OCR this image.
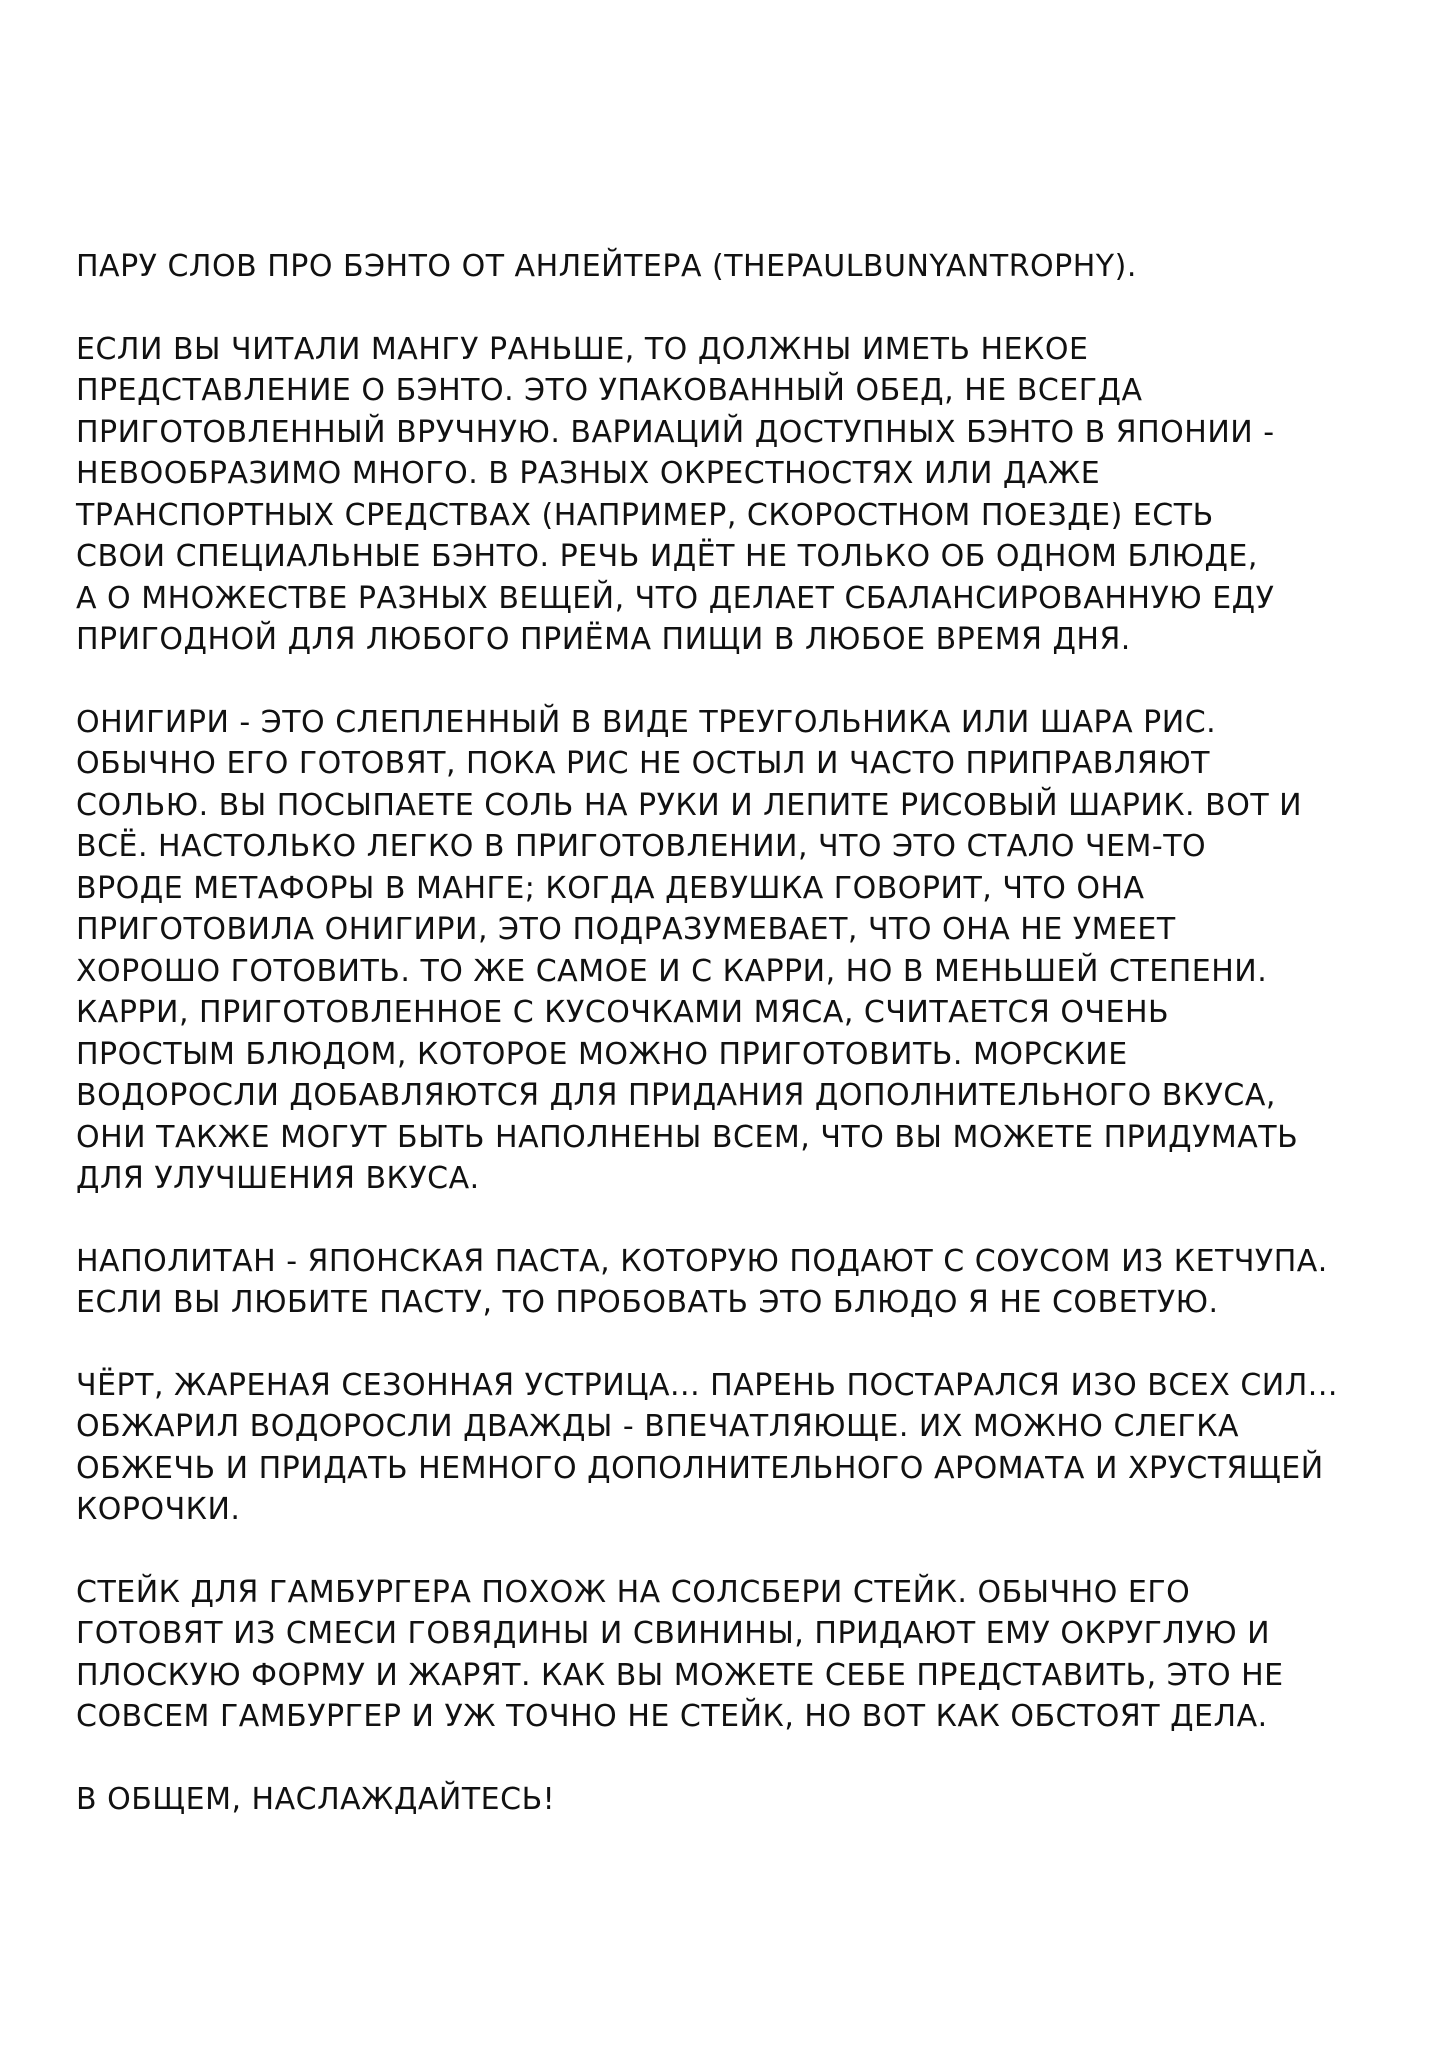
ПАРУ СЛОВ ПРО БЭНТО ОТ АНЛЕЙТЕРА (THEPAULBUNYANTROPHY).
ЕСЛИ ВЫ ЧИТАЛИ МАНГУ РАНЬШЕ, ТО ДОЛЖНЫ ИМЕТЬ НЕКОЕ
ПРЕДСТАВЛЕНИЕ О БЭНТО. ЭТО УПАКОВАННЫЙ ОБЕД, НЕ ВСЕГДА
ПРИГОТОВЛЕННЫЙ ВРУЧНУЮ. ВАРИАЦИЙ ДОСТУПНЫХ БЭНТО В ЯПОНИИ -
НЕВООБРАЗИМО МНОГО. В РАЗНЫХ ОКРЕСТНОСТЯХ ИЛИ ДАЖЕ
ТРАНСПОРТНЫХ СРЕДСТВАХ (НАПРИМЕР, СКОРОСТНОМ ПОЕЗДЕ) ЕСТЬ
СВОИ СПЕЦИАЛЬНЫЕ БЭНТО. РЕЧЬ ИДЁТ НЕ ТОЛЬКО ОБ ОДНОМ БЛЮДЕ,
А О МНОЖЕСТВЕ РАЗНЫХ ВЕЩЕЙ, ЧТО ДЕЛАЕТ СБАЛАНСИРОВАННУЮ ЕДУ
ПРИГОДНОЙ ДЛЯ ЛЮБОГО ПРИЁМА ПИЩИ В ЛЮБОЕ ВРЕМЯ ДНЯ.
ОНИГИРИ - ЭТО СЛЕПЛЕННЫЙ В ВИДЕ ТРЕУГОЛЬНИКА ИЛИ ШАРА РИС.
ОБЫЧНО ЕГО ГОТОВЯТ, ПОКА РИС НЕ ОСТЫЛ И ЧАСТО ПРИПРАВЛЯЮТ
СОЛЬЮ. ВЫ ПОСЫПАЕТЕ СОЛЬ НА РУКИ И ЛЕПИТЕ РИСОВЫЙ ШАРИК. ВОТ И
ВСЁ. НАСТОЛЬКО ЛЕГКО В ПРИГОТОВЛЕНИИ, ЧТО ЭТО СТАЛО ЧЕМ-ТО
ВРОДЕ МЕТАФОРЫ В МАНГЕ; КОГДА ДЕВУШКА ГОВОРИТ, ЧТО ОНА
ПРИГОТОВИЛА ОНИГИРИ, ЭТО ПОДРАЗУМЕВАЕТ, ЧТО ОНА НЕ УМЕЕТ
ХОРОШО ГОТОВИТЬ. ТО ЖЕ САМОЕ И С КАРРИ, НО В МЕНЬШЕЙ СТЕПЕНИ.
КАРРИ, ПРИГОТОВЛЕННОЕ С КУСОЧКАМИ МЯСА, СЧИТАЕТСЯ ОЧЕНЬ
ПРОСТЫМ БЛЮДОМ, КОТОРОЕ МОЖНО ПРИГОТОВИТЬ. МОРСКИЕ
ВОДОРОСЛИ ДОБАВЛЯЮТСЯ ДЛЯ ПРИДАНИЯ ДОПОЛНИТЕЛЬНОГО ВКУСА,
ОНИ ТАКЖЕ МОГУТ БЫТЬ НАПОЛНЕНЫ ВСЕМ, ЧТО ВЫ МОЖЕТЕ ПРИДУМАТЬ
ДЛЯ УЛУЧШЕНИЯ ВКУСА.
НАПОЛИТАН - ЯПОНСКАЯ ПАСТА, КОТОРУЮ ПОДАЮТ С СОУСОМ ИЗ КЕТЧУПА.
ЕСЛИ ВЫ ЛЮБИТЕ ПАСТУ, ТО ПРОБОВАТЬ ЭТО БЛЮДО Я НЕ СОВЕТУЮ.
ЧЁРТ, ЖАРЕНАЯ СЕЗОННАЯ УСТРИЦА... ПАРЕНЬ ПОСТАРАЛСЯ ИЗО ВСЕХ СИЛ...
ОБЖАРИЛ ВОДОРОСЛИ ДВАЖДЫ - ВПЕЧАТЛЯЮЩЕ. ИХ МОЖНО СЛЕГКА
ОБЖЕЧЬ И ПРИДАТЬ НЕМНОГО ДОПОЛНИТЕЛЬНОГО АРОМАТА И ХРУСТЯЩЕЙ
КОРОЧКИ.
СТЕЙК ДЛЯ ГАМБУРГЕРА ПОХОЖ НА СОЛСБЕРИ СТЕЙК. ОБЫЧНО ЕГО
ГОТОВЯТ ИЗ СМЕСИ ГОВЯДИНЫ И СВИНИНЫ, ПРИДАЮТ ЕМУ ОКРУГЛУЮ И
ПЛОСКУЮ ФОРМУ И ЖАРЯТ. КАК ВЫ МОЖЕТЕ СЕБЕ ПРЕДСТАВИТЬ, ЭТО НЕ
СОВСЕМ ГАМБУРГЕР И УЖ ТОЧНО НЕ СТЕЙК, НО ВОТ КАК ОБСТОЯТ ДЕЛА.
В ОБЩЕМ, НАСЛАЖДАЙТЕСЬ!
